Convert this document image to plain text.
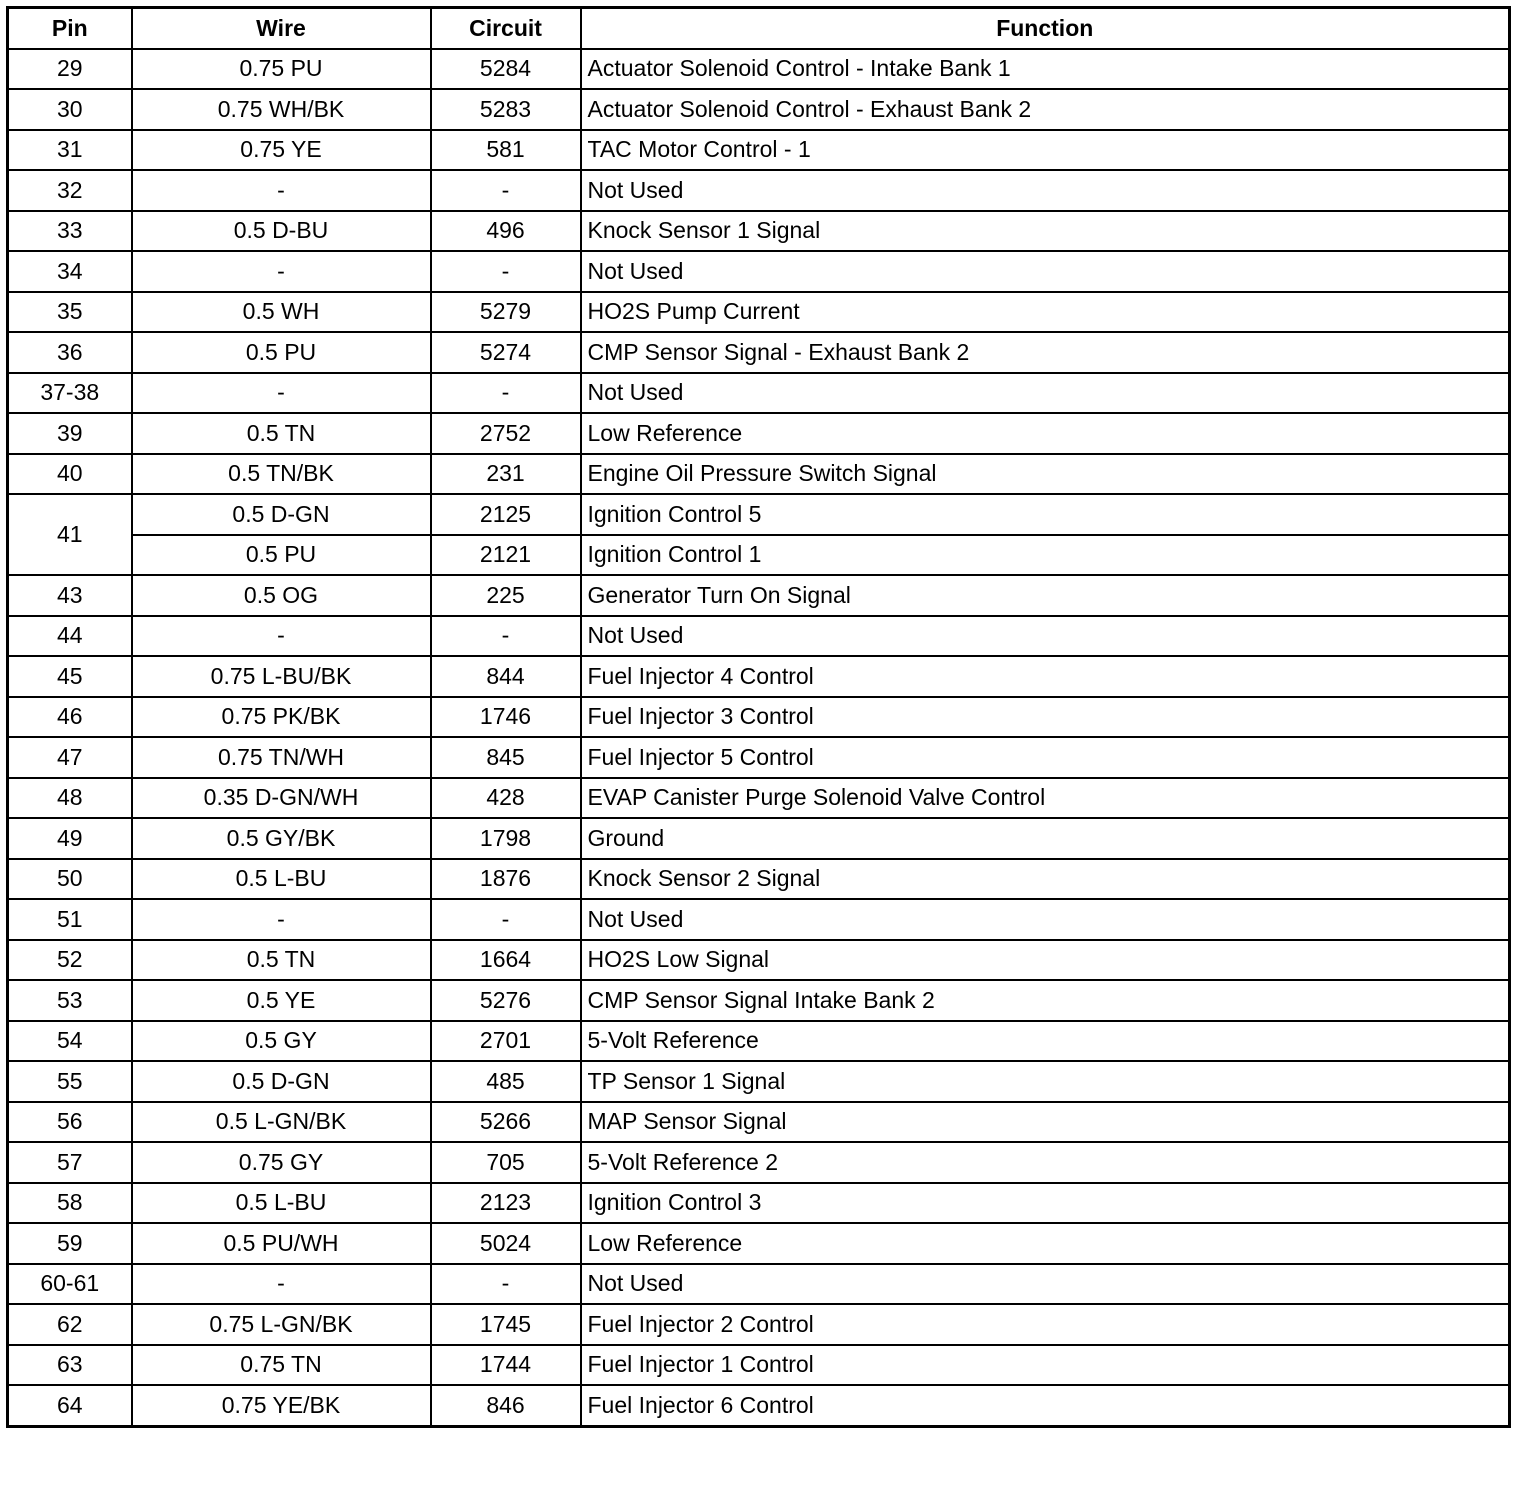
Pin	Wire	Circuit	Function
29	0.75 PU	5284	Actuator Solenoid Control - Intake Bank 1
30	0.75 WH/BK	5283	Actuator Solenoid Control - Exhaust Bank 2
31	0.75 YE	581	TAC Motor Control - 1
32	-	-	Not Used
33	0.5 D-BU	496	Knock Sensor 1 Signal
34	-	-	Not Used
35	0.5 WH	5279	HO2S Pump Current
36	0.5 PU	5274	CMP Sensor Signal - Exhaust Bank 2
37-38	-	-	Not Used
39	0.5 TN	2752	Low Reference
40	0.5 TN/BK	231	Engine Oil Pressure Switch Signal
41	0.5 D-GN	2125	Ignition Control 5
	0.5 PU	2121	Ignition Control 1
43	0.5 OG	225	Generator Turn On Signal
44	-	-	Not Used
45	0.75 L-BU/BK	844	Fuel Injector 4 Control
46	0.75 PK/BK	1746	Fuel Injector 3 Control
47	0.75 TN/WH	845	Fuel Injector 5 Control
48	0.35 D-GN/WH	428	EVAP Canister Purge Solenoid Valve Control
49	0.5 GY/BK	1798	Ground
50	0.5 L-BU	1876	Knock Sensor 2 Signal
51	-	-	Not Used
52	0.5 TN	1664	HO2S Low Signal
53	0.5 YE	5276	CMP Sensor Signal Intake Bank 2
54	0.5 GY	2701	5-Volt Reference
55	0.5 D-GN	485	TP Sensor 1 Signal
56	0.5 L-GN/BK	5266	MAP Sensor Signal
57	0.75 GY	705	5-Volt Reference 2
58	0.5 L-BU	2123	Ignition Control 3
59	0.5 PU/WH	5024	Low Reference
60-61	-	-	Not Used
62	0.75 L-GN/BK	1745	Fuel Injector 2 Control
63	0.75 TN	1744	Fuel Injector 1 Control
64	0.75 YE/BK	846	Fuel Injector 6 Control
